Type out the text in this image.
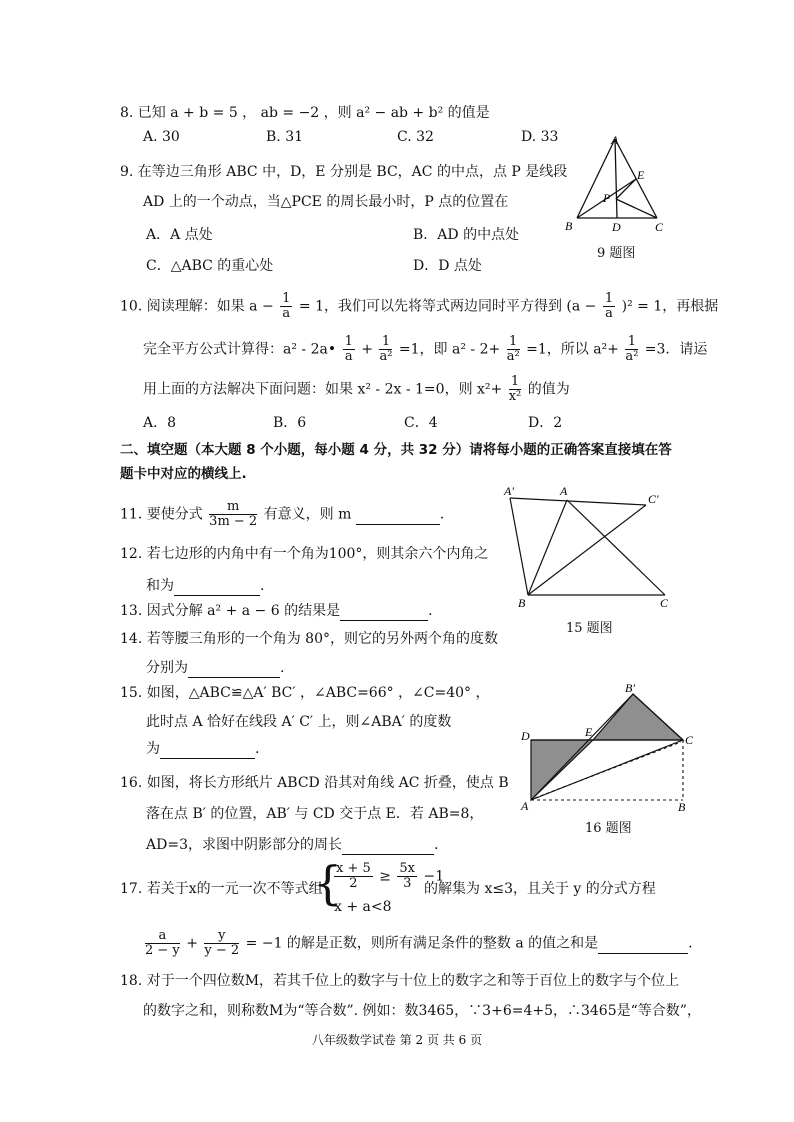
8. 已知 a + b = 5 ， ab = −2 ，则 a² − ab + b² 的值是
A. 30	B. 31	C. 32	D. 33
9. 在等边三角形 ABC 中，D，E 分别是 BC，AC 的中点，点 P 是线段
AD 上的一个动点，当△PCE 的周长最小时，P 点的位置在
A．A 点处	B．AD 的中点处
C．△ABC 的重心处	D．D 点处
A
E
P
B	D	C
9 题图
10. 阅读理解：如果 $a - \frac{1}{a} = 1$，我们可以先将等式两边同时平方得到 $(a - \frac{1}{a} )^2 = 1$，再根据
完全平方公式计算得：a² - 2a• $\frac{1}{a} + \frac{1}{\text{a²}} =1$，即 $a^2 - 2+ \frac{1}{\text{a²}} =1$，所以 $a^2+ \frac{1}{\text{a²}} =3$．请运
用上面的方法解决下面问题：如果 x² - 2x - 1=0，则 $x^2+ \frac{1}{\text{x²}}$ 的值为
A．8	B．6	C．4	D．2
二、填空题（本大题 8 个小题，每小题 4 分，共 32 分）请将每小题的正确答案直接填在答
题卡中对应的横线上.
11. 要使分式 $\frac{m}{3m - 2}$ 有意义，则 m	.
12. 若七边形的内角中有一个角为100°，则其余六个内角之
和为	.
13. 因式分解 a² + a − 6 的结果是	.
14. 若等腰三角形的一个角为 80°，则它的另外两个角的度数
分别为	.
A′	A
C′
B	C
15 题图
15. 如图，△ABC≌△A′ BC′ ，∠ABC=66° ，∠C=40° ，
此时点 A 恰好在线段 A′ C′ 上，则∠ABA′ 的度数
为	.
B′
D	E
C
A	B
16 题图
16. 如图，将长方形纸片 ABCD 沿其对角线 AC 折叠，使点 B
落在点 B′ 的位置，AB′ 与 CD 交于点 E．若 AB=8，
AD=3，求图中阴影部分的周长	.
17. 若关于x的一元一次不等式组
{
$\frac{x + 5}{2} \ge \frac{5x}{3} -1$
x + a<8
的解集为 x≤3，且关于 y 的分式方程
$\frac{a}{2 - y} + \frac{y}{y - 2} = -1$ 的解是正数，则所有满足条件的整数 a 的值之和是	.
18. 对于一个四位数M，若其千位上的数字与十位上的数字之和等于百位上的数字与个位上
的数字之和，则称数M为“等合数”. 例如：数3465，∵3+6=4+5，∴3465是“等合数”，
八年级数学试卷 第 2 页 共 6 页
